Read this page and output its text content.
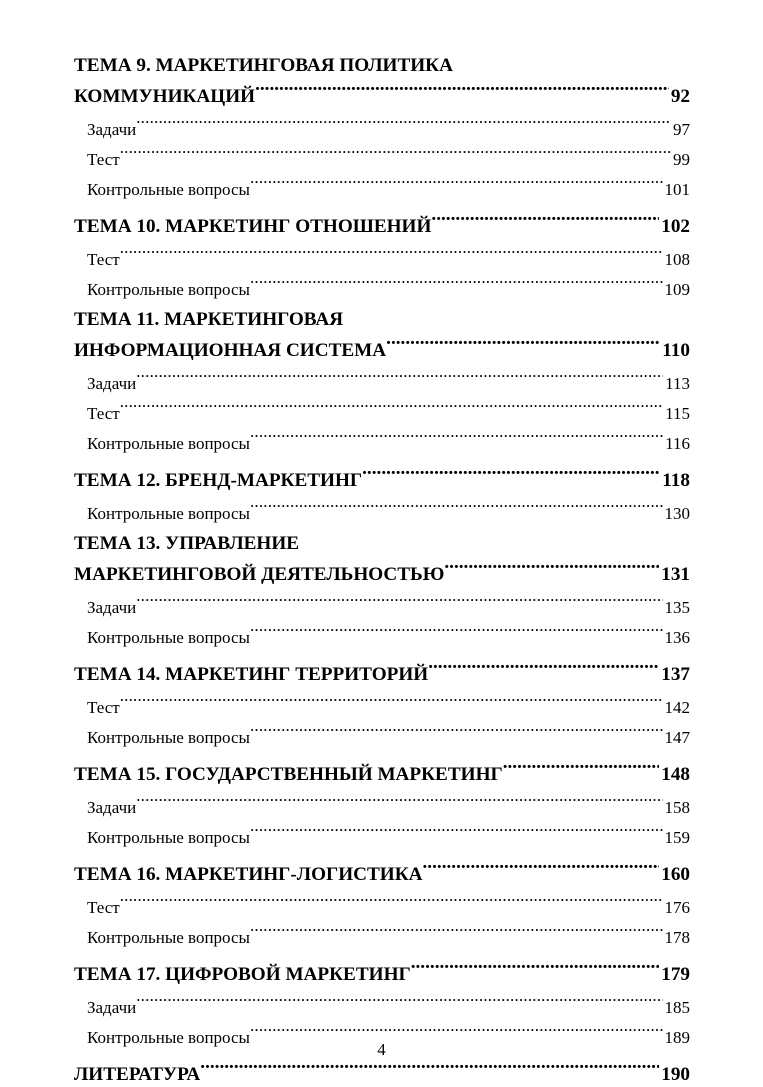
ТЕМА 9. МАРКЕТИНГОВАЯ ПОЛИТИКА
КОММУНИКАЦИЙ .....	92
Задачи .....	97
Тест .....	99
Контрольные вопросы .....	101
ТЕМА 10. МАРКЕТИНГ ОТНОШЕНИЙ .....	102
Тест .....	108
Контрольные вопросы .....	109
ТЕМА 11. МАРКЕТИНГОВАЯ
ИНФОРМАЦИОННАЯ СИСТЕМА .....	110
Задачи .....	113
Тест .....	115
Контрольные вопросы .....	116
ТЕМА 12. БРЕНД-МАРКЕТИНГ .....	118
Контрольные вопросы .....	130
ТЕМА 13. УПРАВЛЕНИЕ
МАРКЕТИНГОВОЙ ДЕЯТЕЛЬНОСТЬЮ .....	131
Задачи .....	135
Контрольные вопросы .....	136
ТЕМА 14. МАРКЕТИНГ ТЕРРИТОРИЙ .....	137
Тест .....	142
Контрольные вопросы .....	147
ТЕМА 15. ГОСУДАРСТВЕННЫЙ МАРКЕТИНГ .....	148
Задачи .....	158
Контрольные вопросы .....	159
ТЕМА 16. МАРКЕТИНГ-ЛОГИСТИКА .....	160
Тест .....	176
Контрольные вопросы .....	178
ТЕМА 17. ЦИФРОВОЙ МАРКЕТИНГ .....	179
Задачи .....	185
Контрольные вопросы .....	189
ЛИТЕРАТУРА .....	190
4
